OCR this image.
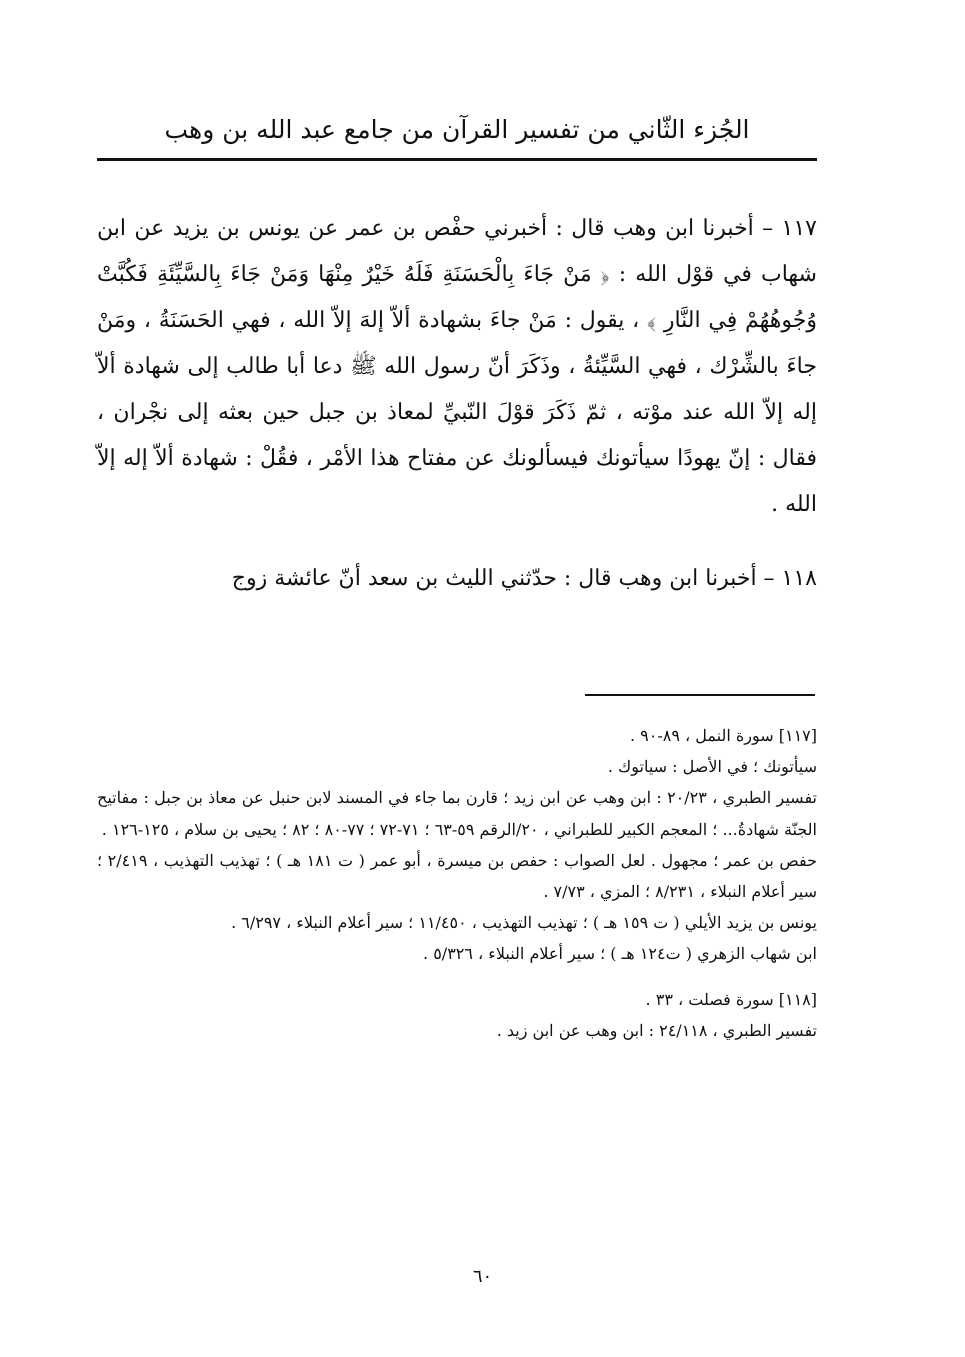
الجُزء الثّاني من تفسير القرآن من جامع عبد الله بن وهب

١١٧ – أخبرنا ابن وهب قال : أخبرني حفْص بن عمر عن يونس بن يزيد عن ابن شهاب في قوْل الله : ﴿ مَنْ جَاءَ بِالْحَسَنَةِ فَلَهُ خَيْرٌ مِنْهَا وَمَنْ جَاءَ بِالسَّيِّئَةِ فَكُبَّتْ وُجُوهُهُمْ فِي النَّارِ ﴾ ، يقول : مَنْ جاءَ بشهادة ألاّ إلهَ إلاّ الله ، فهي الحَسَنَةُ ، ومَنْ جاءَ بالشِّرْك ، فهي السَّيِّئةُ ، وذَكَرَ أنّ رسول الله ﷺ دعا أبا طالب إلى شهادة ألاّ إله إلاّ الله عند موْته ، ثمّ ذَكَرَ قوْلَ النّبيِّ لمعاذ بن جبل حين بعثه إلى نجْران ، فقال : إنّ يهودًا سيأتونك فيسألونك عن مفتاح هذا الأمْر ، فقُلْ : شهادة ألاّ إله إلاّ الله .

١١٨ – أخبرنا ابن وهب قال : حدّثني الليث بن سعد أنّ عائشة زوج

[١١٧] سورة النمل ، ٨٩-٩٠ .

سيأتونك ؛ في الأصل : سياتوك .

تفسير الطبري ، ٢٠/٢٣ : ابن وهب عن ابن زيد ؛ قارن بما جاء في المسند لابن حنبل عن معاذ بن جبل : مفاتيح الجنّة شهادةُ... ؛ المعجم الكبير للطبراني ، ٢٠/الرقم ٥٩-٦٣ ؛ ٧١-٧٢ ؛ ٧٧-٨٠ ؛ ٨٢ ؛ يحيى بن سلام ، ١٢٥-١٢٦ .

حفص بن عمر ؛ مجهول . لعل الصواب : حفص بن ميسرة ، أبو عمر ( ت ١٨١ هـ ) ؛ تهذيب التهذيب ، ٢/٤١٩ ؛ سير أعلام النبلاء ، ٨/٢٣١ ؛ المزي ، ٧/٧٣ .

يونس بن يزيد الأيلي ( ت ١٥٩ هـ ) ؛ تهذيب التهذيب ، ١١/٤٥٠ ؛ سير أعلام النبلاء ، ٦/٢٩٧ .

ابن شهاب الزهري ( ت١٢٤ هـ ) ؛ سير أعلام النبلاء ، ٥/٣٢٦ .

[١١٨] سورة فصلت ، ٣٣ .

تفسير الطبري ، ٢٤/١١٨ : ابن وهب عن ابن زيد .

٦٠
